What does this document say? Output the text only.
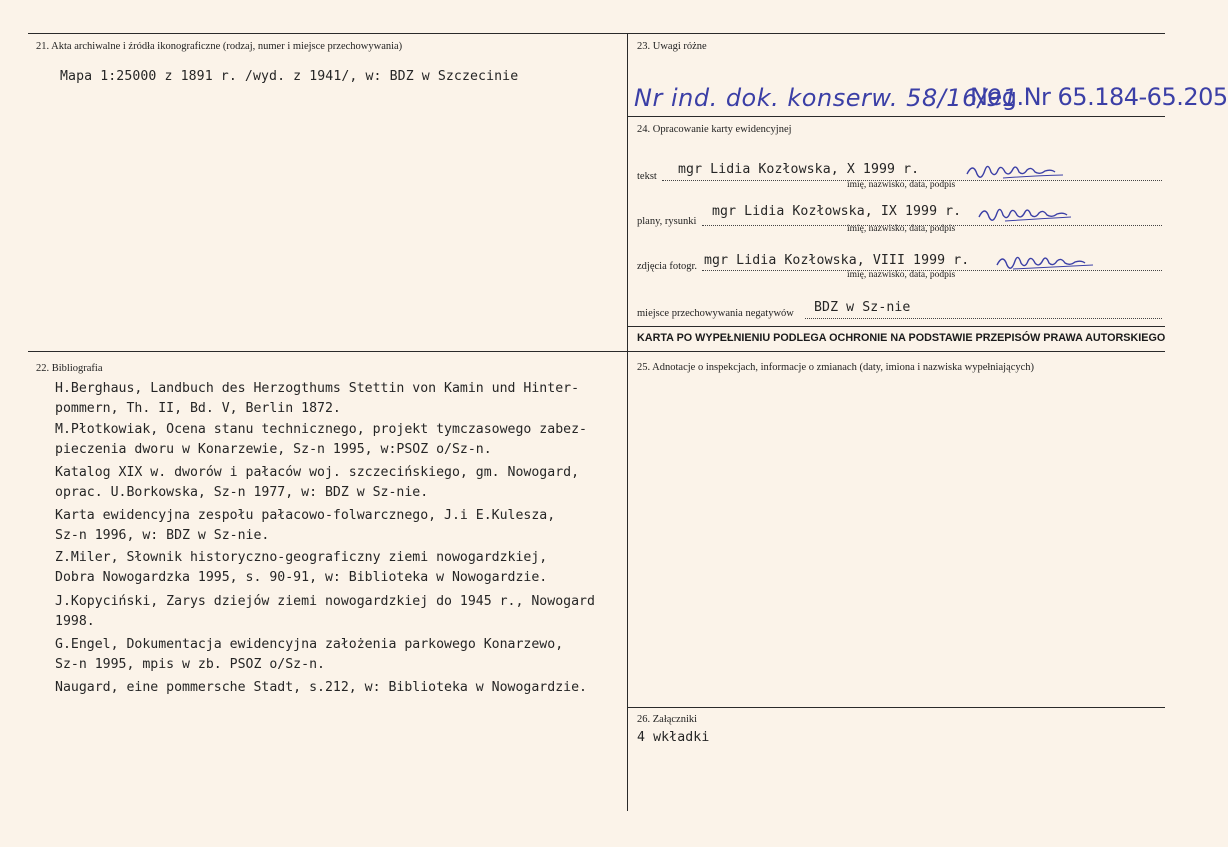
21. Akta archiwalne i źródła ikonograficzne (rodzaj, numer i miejsce przechowywania)
Mapa 1:25000 z 1891 r. /wyd. z 1941/, w: BDZ w Szczecinie
22. Bibliografia
H.Berghaus, Landbuch des Herzogthums Stettin von Kamin und Hinter-
pommern, Th. II, Bd. V, Berlin 1872.
M.Płotkowiak, Ocena stanu technicznego, projekt tymczasowego zabez-
pieczenia dworu w Konarzewie, Sz-n 1995, w:PSOZ o/Sz-n.
Katalog XIX w. dworów i pałaców woj. szczecińskiego, gm. Nowogard,
oprac. U.Borkowska, Sz-n 1977, w: BDZ w Sz-nie.
Karta ewidencyjna zespołu pałacowo-folwarcznego, J.i E.Kulesza,
Sz-n 1996, w: BDZ w Sz-nie.
Z.Miler, Słownik historyczno-geograficzny ziemi nowogardzkiej,
Dobra Nowogardzka 1995, s. 90-91, w: Biblioteka w Nowogardzie.
J.Kopyciński, Zarys dziejów ziemi nowogardzkiej do 1945 r., Nowogard
1998.
G.Engel, Dokumentacja ewidencyjna założenia parkowego Konarzewo,
Sz-n 1995, mpis w zb. PSOZ o/Sz-n.
Naugard, eine pommersche Stadt, s.212, w: Biblioteka w Nowogardzie.
23. Uwagi różne
Nr ind. dok. konserw. 58/16/91
Neg.Nr 65.184-65.205
24. Opracowanie karty ewidencyjnej
tekst mgr Lidia Kozłowska, X 1999 r.
imię, nazwisko, data, podpis
plany, rysunki
mgr Lidia Kozłowska, IX 1999 r.
imię, nazwisko, data, podpis
zdjęcia fotogr. mgr Lidia Kozłowska, VIII 1999 r.
imię, nazwisko, data, podpis
miejsce przechowywania negatywów BDZ w Sz-nie
KARTA PO WYPEŁNIENIU PODLEGA OCHRONIE NA PODSTAWIE PRZEPISÓW PRAWA AUTORSKIEGO
25. Adnotacje o inspekcjach, informacje o zmianach (daty, imiona i nazwiska wypełniających)
26. Załączniki
4 wkładki
